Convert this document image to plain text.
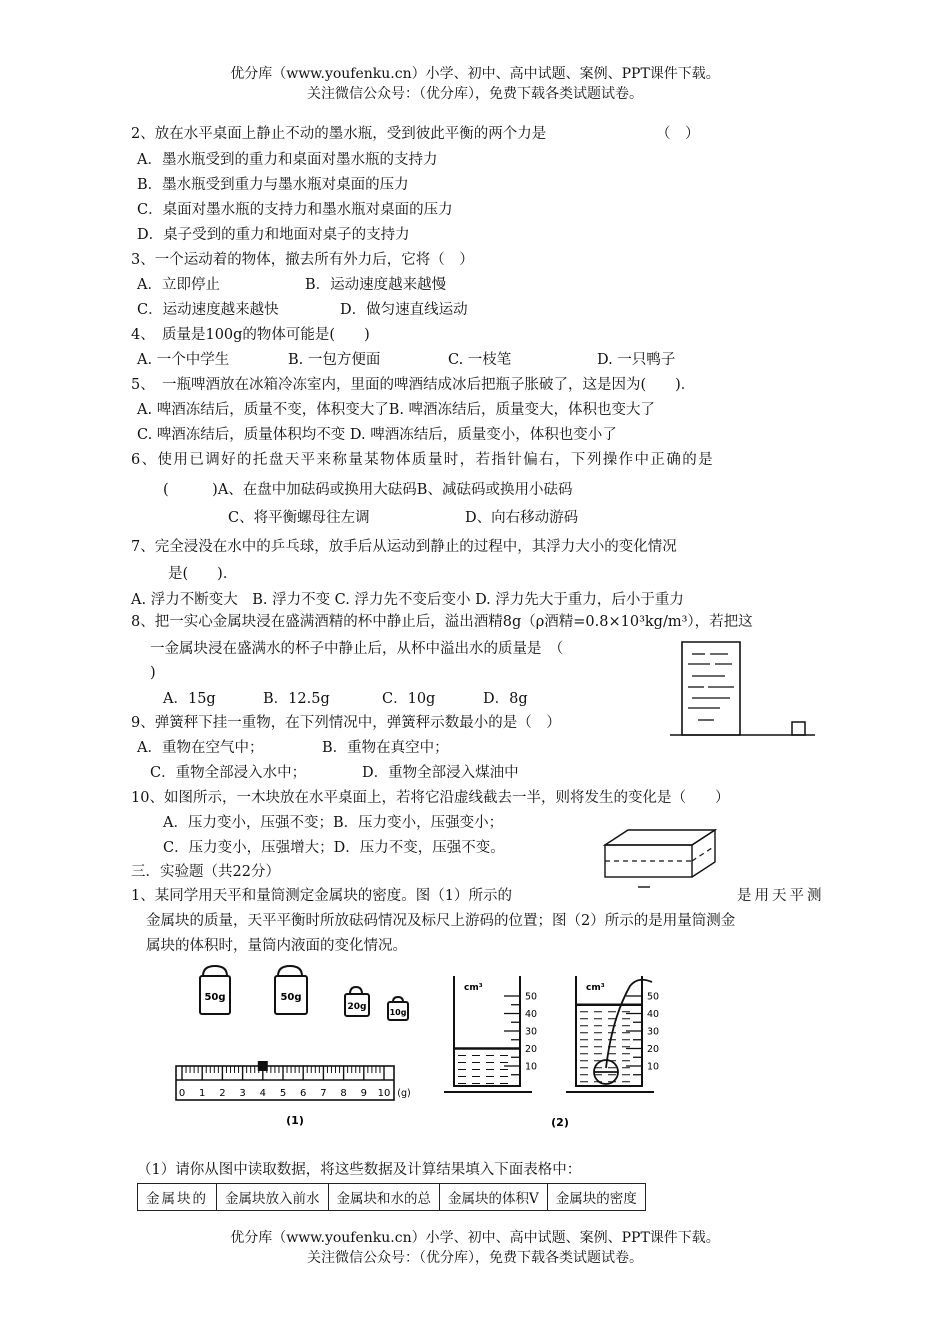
优分库（www.youfenku.cn）小学、初中、高中试题、案例、PPT课件下载。
关注微信公众号：（优分库），免费下载各类试题试卷。
2、放在水平桌面上静止不动的墨水瓶，受到彼此平衡的两个力是	（　）
A．墨水瓶受到的重力和桌面对墨水瓶的支持力
B．墨水瓶受到重力与墨水瓶对桌面的压力
C．桌面对墨水瓶的支持力和墨水瓶对桌面的压力
D．桌子受到的重力和地面对桌子的支持力
3、一个运动着的物体，撤去所有外力后，它将（　）
A．立即停止	B．运动速度越来越慢
C．运动速度越来越快	D．做匀速直线运动
4、　质量是100g的物体可能是(　　)
A. 一个中学生	B. 一包方便面	C. 一枝笔	D. 一只鸭子
5、　一瓶啤酒放在冰箱冷冻室内，里面的啤酒结成冰后把瓶子胀破了，这是因为(　　)．
A. 啤酒冻结后，质量不变，体积变大了B. 啤酒冻结后，质量变大，体积也变大了
C. 啤酒冻结后，质量体积均不变 D. 啤酒冻结后，质量变小，体积也变小了
6、使用已调好的托盘天平来称量某物体质量时，若指针偏右，下列操作中正确的是
(　　　)A、在盘中加砝码或换用大砝码B、减砝码或换用小砝码
C、将平衡螺母往左调	D、向右移动游码
7、完全浸没在水中的乒乓球，放手后从运动到静止的过程中，其浮力大小的变化情况
是(　　)．
A. 浮力不断变大　B. 浮力不变 C. 浮力先不变后变小 D. 浮力先大于重力，后小于重力
8、把一实心金属块浸在盛满酒精的杯中静止后，溢出酒精8g（ρ酒精=0.8×10³kg/m³），若把这
一金属块浸在盛满水的杯子中静止后，从杯中溢出水的质量是　（
)
A．15g	B．12.5g	C．10g	D．8g
9、弹簧秤下挂一重物，在下列情况中，弹簧秤示数最小的是（　）
A．重物在空气中；	B．重物在真空中；
C．重物全部浸入水中；	D．重物全部浸入煤油中
10、如图所示，一木块放在水平桌面上，若将它沿虚线截去一半，则将发生的变化是（　　）
A．压力变小，压强不变；B．压力变小，压强变小；
C．压力变小，压强增大；D．压力不变，压强不变。
三．实验题（共22分）
1、某同学用天平和量筒测定金属块的密度。图（1）所示的	是用天平测
金属块的质量，天平平衡时所放砝码情况及标尺上游码的位置；图（2）所示的是用量筒测金
属块的体积时，量筒内液面的变化情况。
50g	50g
20g
10g
0 1 2 3 4 5 6 7 8 9 10 (g)
(1)
cm³
50
40
30
20
10
cm³
50
40
30
20
10
(2)
（1）请你从图中读取数据，将这些数据及计算结果填入下面表格中：
金属块的	金属块放入前水	金属块和水的总	金属块的体积V	金属块的密度
优分库（www.youfenku.cn）小学、初中、高中试题、案例、PPT课件下载。
关注微信公众号：（优分库），免费下载各类试题试卷。
